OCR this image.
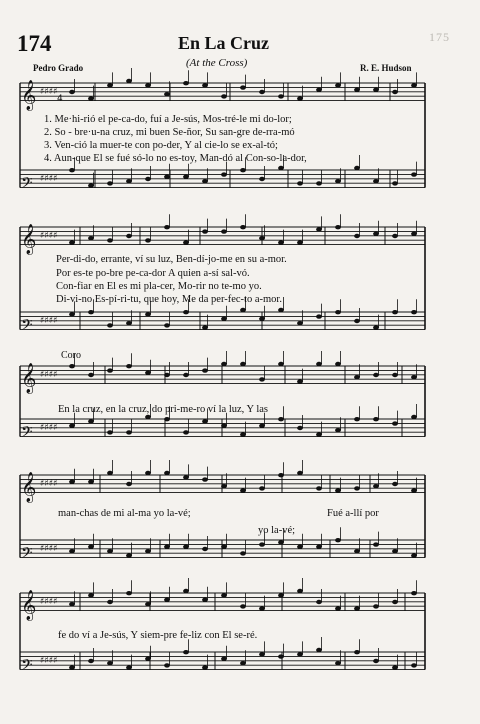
175
174	En La Cruz
(At the Cross)
Pedro Grado	R. E. Hudson
𝄞 ♯♯♯♯
𝄢 ♯♯♯♯
𝄞 ♯♯♯♯
𝄢 ♯♯♯♯
𝄞 ♯♯♯♯
𝄢 ♯♯♯♯
𝄞 ♯♯♯♯
𝄢 ♯♯♯♯
𝄞 ♯♯♯♯
𝄢 ♯♯♯♯
4
1. Me·hi-rió el pe-ca-do, fuí a Je-sús, Mos-tré-le mi do-lor;
2. So - bre·u-na cruz, mi buen Se-ñor, Su san-gre de-rra-mó
3. Ven-ció la muer-te con po-der, Y al cie-lo se ex-al-tó;
4. Aun-que El se fué só-lo no es-toy, Man-dó al Con-so-la-dor,
Per-di-do, errante, ví su luz, Ben-dí-jo-me en su a-mor.
Por es-te po-bre pe-ca-dor A quien a-sí sal-vó.
Con-fiar en El es mi pla-cer, Mo-rir no te-mo yo.
Di-vi-no Es-pí-ri-tu, que hoy, Me da per-fec-to a-mor.
Coro
En la cruz, en la cruz, do pri-me-ro ví la luz, Y las
man-chas de mi al-ma yo la-vé;	Fué a-llí por
yo la-vé;
fe do ví a Je-sús, Y siem-pre fe-liz con El se-ré.
